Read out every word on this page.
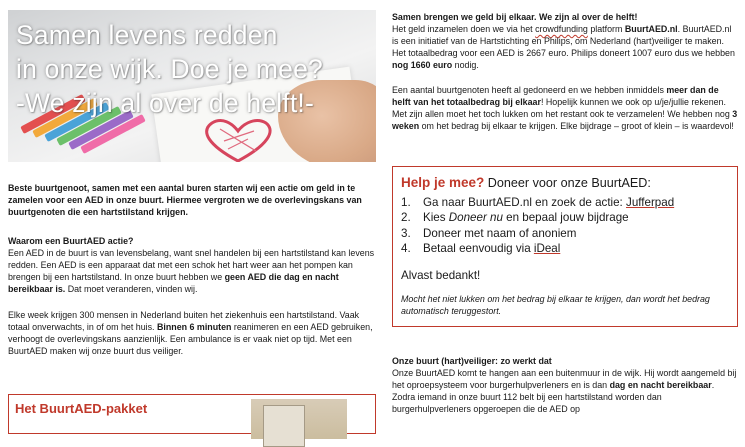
Samen levens redden
in onze wijk. Doe je mee?
-We zijn al over de helft!-

Beste buurtgenoot, samen met een aantal buren starten wij een actie om geld in te zamelen voor een AED in onze buurt. Hiermee vergroten we de overlevingskans van buurtgenoten die een hartstilstand krijgen.

Waarom een BuurtAED actie?

Een AED in de buurt is van levensbelang, want snel handelen bij een hartstilstand kan levens redden. Een AED is een apparaat dat met een schok het hart weer aan het pompen kan brengen bij een hartstilstand. In onze buurt hebben we geen AED die dag en nacht bereikbaar is. Dat moet veranderen, vinden wij.

Elke week krijgen 300 mensen in Nederland buiten het ziekenhuis een hartstilstand. Vaak totaal onverwachts, in of om het huis. Binnen 6 minuten reanimeren en een AED gebruiken, verhoogt de overlevingskans aanzienlijk. Een ambulance is er vaak niet op tijd. Met een BuurtAED maken wij onze buurt dus veiliger.

Het BuurtAED-pakket

Samen brengen we geld bij elkaar. We zijn al over de helft!

Het geld inzamelen doen we via het crowdfunding platform BuurtAED.nl. BuurtAED.nl is een initiatief van de Hartstichting en Philips, om Nederland (hart)veiliger te maken. Het totaalbedrag voor een AED is 2667 euro. Philips doneert 1007 euro dus we hebben nog 1660 euro nodig.

Een aantal buurtgenoten heeft al gedoneerd en we hebben inmiddels meer dan de helft van het totaalbedrag bij elkaar! Hopelijk kunnen we ook op u/je/jullie rekenen. Met zijn allen moet het toch lukken om het restant ook te verzamelen! We hebben nog 3 weken om het bedrag bij elkaar te krijgen. Elke bijdrage – groot of klein – is waardevol!

Help je mee? Doneer voor onze BuurtAED:

1.	Ga naar BuurtAED.nl en zoek de actie: Jufferpad
2.	Kies Doneer nu en bepaal jouw bijdrage
3.	Doneer met naam of anoniem
4.	Betaal eenvoudig via iDeal

Alvast bedankt!

Mocht het niet lukken om het bedrag bij elkaar te krijgen, dan wordt het bedrag automatisch teruggestort.

Onze buurt (hart)veiliger: zo werkt dat

Onze BuurtAED komt te hangen aan een buitenmuur in de wijk. Hij wordt aangemeld bij het oproepsysteem voor burgerhulpverleners en is dan dag en nacht bereikbaar. Zodra iemand in onze buurt 112 belt bij een hartstilstand worden dan burgerhulpverleners opgeroepen die de AED op
